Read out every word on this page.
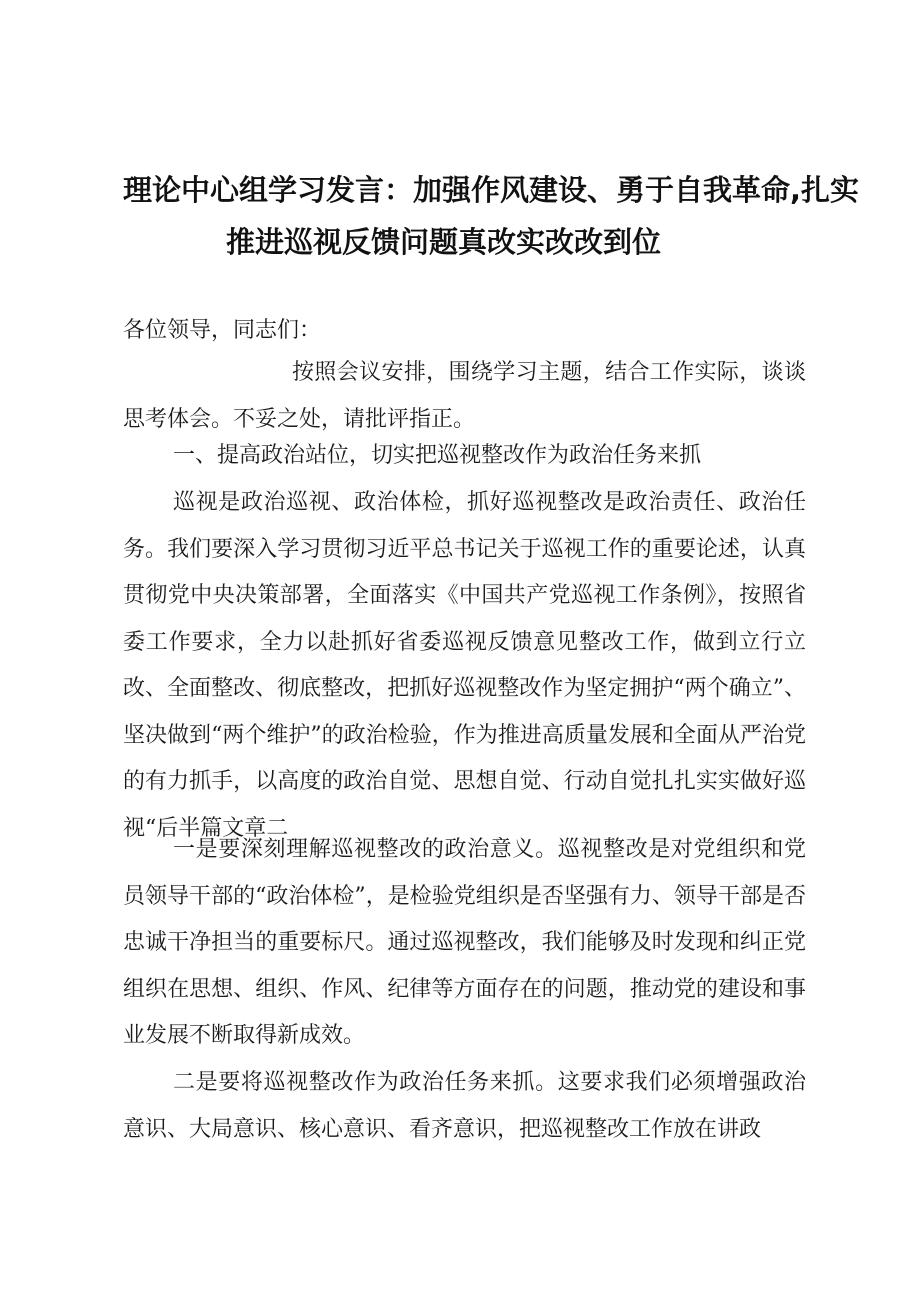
理论中心组学习发言：加强作风建设、勇于自我革命,扎实
推进巡视反馈问题真改实改改到位
各位领导，同志们：
按照会议安排，围绕学习主题，结合工作实际，谈谈思考体会。不妥之处，请批评指正。
一、提高政治站位，切实把巡视整改作为政治任务来抓
巡视是政治巡视、政治体检，抓好巡视整改是政治责任、政治任务。我们要深入学习贯彻习近平总书记关于巡视工作的重要论述，认真贯彻党中央决策部署，全面落实《中国共产党巡视工作条例》，按照省委工作要求，全力以赴抓好省委巡视反馈意见整改工作，做到立行立改、全面整改、彻底整改，把抓好巡视整改作为坚定拥护“两个确立”、坚决做到“两个维护”的政治检验，作为推进高质量发展和全面从严治党的有力抓手，以高度的政治自觉、思想自觉、行动自觉扎扎实实做好巡视“后半篇文章二
一是要深刻理解巡视整改的政治意义。巡视整改是对党组织和党员领导干部的“政治体检”，是检验党组织是否坚强有力、领导干部是否忠诚干净担当的重要标尺。通过巡视整改，我们能够及时发现和纠正党组织在思想、组织、作风、纪律等方面存在的问题，推动党的建设和事业发展不断取得新成效。
二是要将巡视整改作为政治任务来抓。这要求我们必须增强政治意识、大局意识、核心意识、看齐意识，把巡视整改工作放在讲政
